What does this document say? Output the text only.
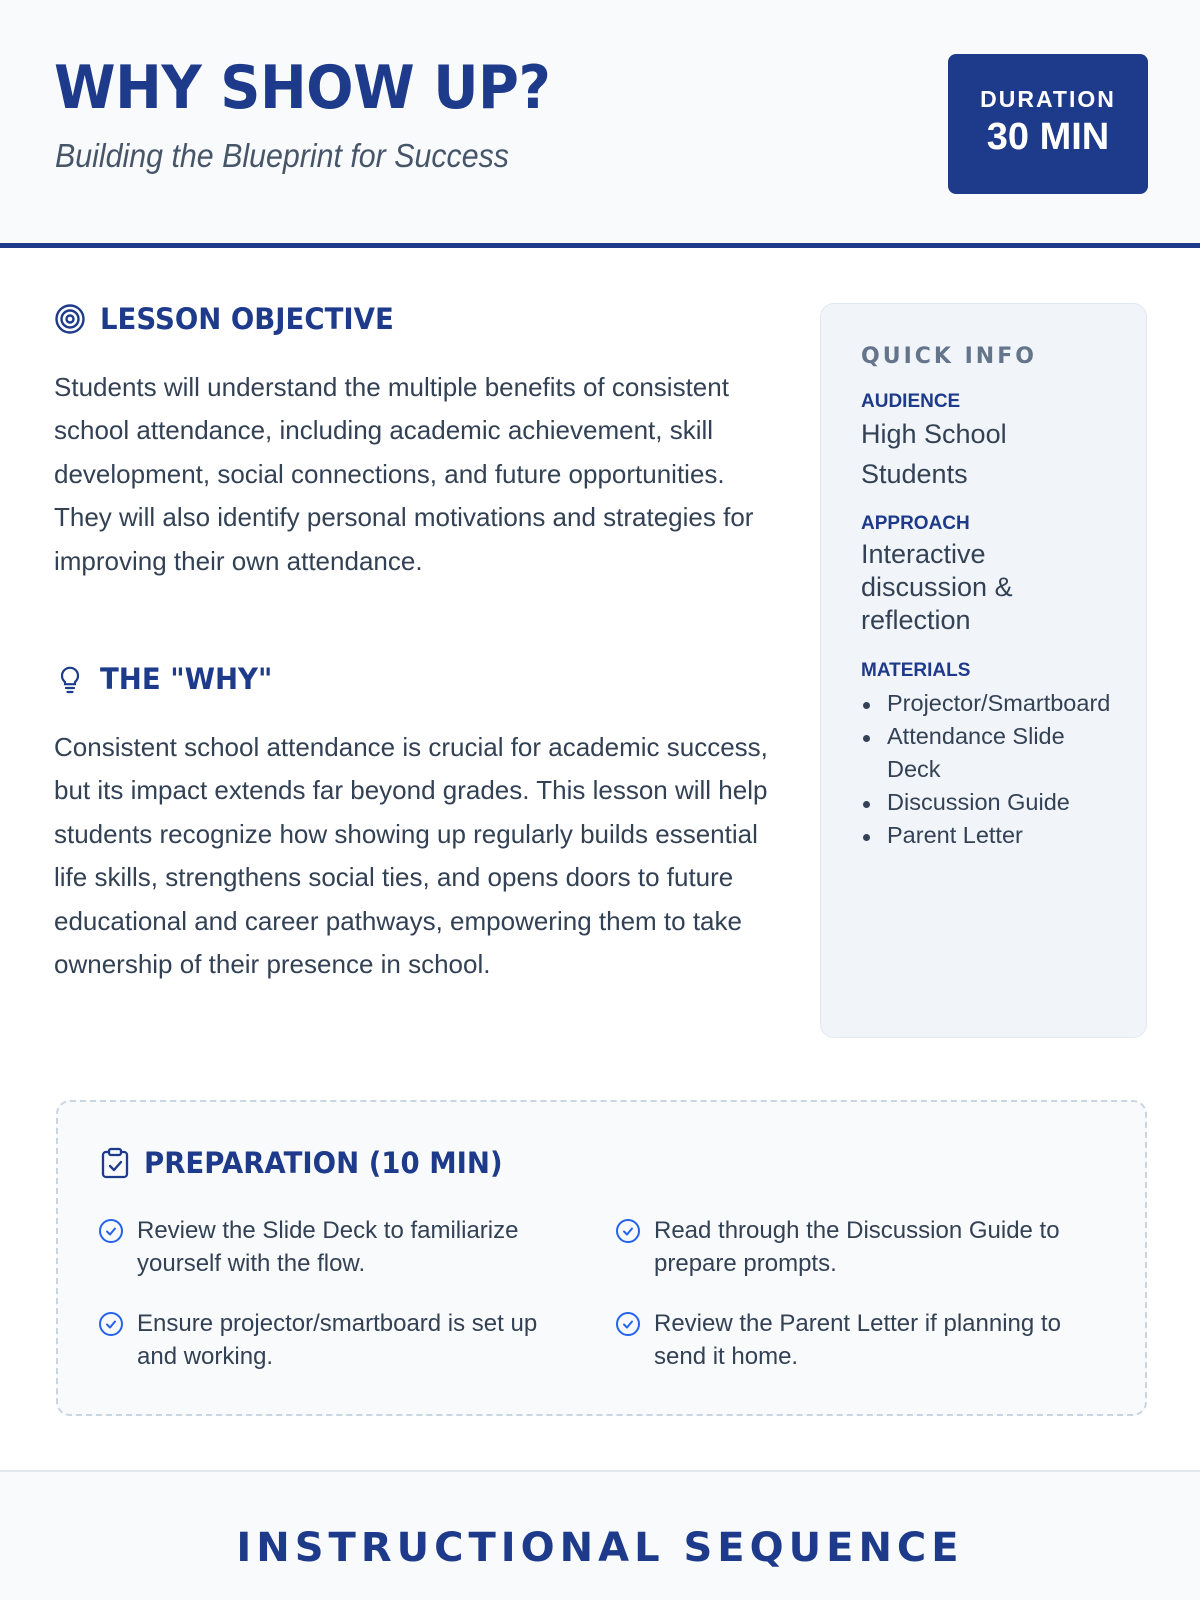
WHY SHOW UP?
Building the Blueprint for Success
DURATION
30 MIN
LESSON OBJECTIVE

Students will understand the multiple benefits of consistent school attendance, including academic achievement, skill development, social connections, and future opportunities. They will also identify personal motivations and strategies for improving their own attendance.

THE "WHY"

Consistent school attendance is crucial for academic success, but its impact extends far beyond grades. This lesson will help students recognize how showing up regularly builds essential life skills, strengthens social ties, and opens doors to future educational and career pathways, empowering them to take ownership of their presence in school.

QUICK INFO
AUDIENCE
High School Students
APPROACH
Interactive discussion & reflection
MATERIALS
Projector/Smartboard
Attendance Slide Deck
Discussion Guide
Parent Letter
PREPARATION (10 MIN)
Review the Slide Deck to familiarize yourself with the flow.
Read through the Discussion Guide to prepare prompts.
Ensure projector/smartboard is set up and working.
Review the Parent Letter if planning to send it home.
INSTRUCTIONAL SEQUENCE
